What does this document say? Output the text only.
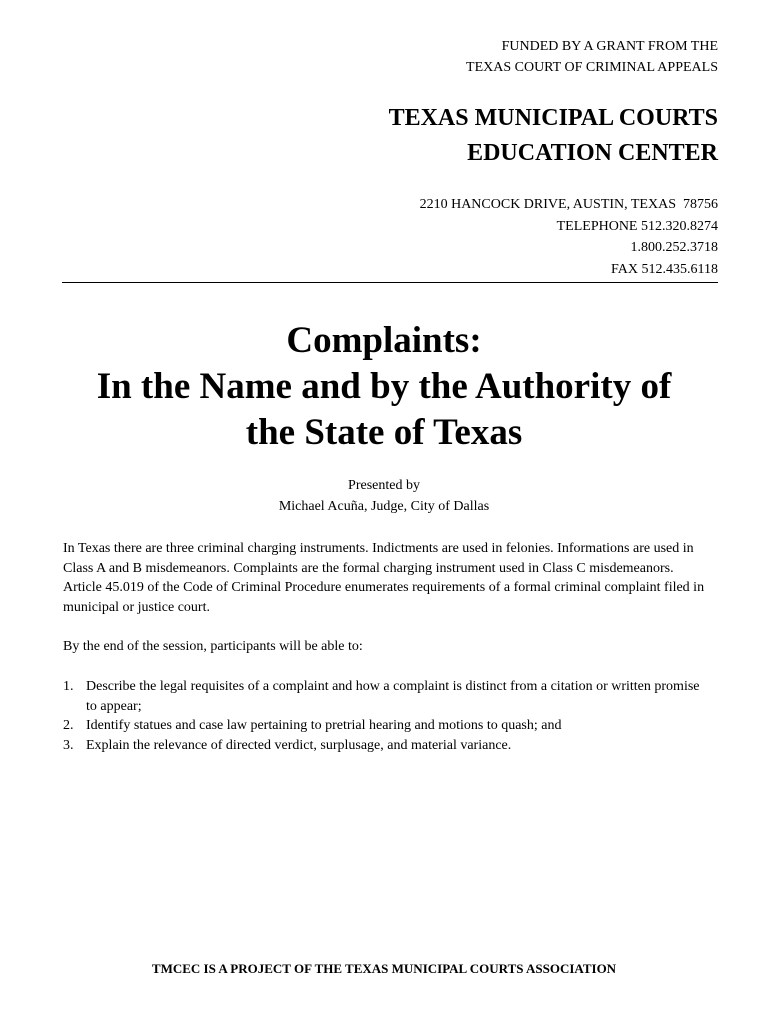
FUNDED BY A GRANT FROM THE
TEXAS COURT OF CRIMINAL APPEALS
TEXAS MUNICIPAL COURTS
EDUCATION CENTER
2210 HANCOCK DRIVE, AUSTIN, TEXAS  78756
TELEPHONE 512.320.8274
1.800.252.3718
FAX 512.435.6118
Complaints:
In the Name and by the Authority of
the State of Texas
Presented by
Michael Acuña, Judge, City of Dallas
In Texas there are three criminal charging instruments. Indictments are used in felonies. Informations are used in Class A and B misdemeanors. Complaints are the formal charging instrument used in Class C misdemeanors. Article 45.019 of the Code of Criminal Procedure enumerates requirements of a formal criminal complaint filed in municipal or justice court.
By the end of the session, participants will be able to:
1. Describe the legal requisites of a complaint and how a complaint is distinct from a citation or written promise to appear;
2. Identify statues and case law pertaining to pretrial hearing and motions to quash; and
3. Explain the relevance of directed verdict, surplusage, and material variance.
TMCEC IS A PROJECT OF THE TEXAS MUNICIPAL COURTS ASSOCIATION
